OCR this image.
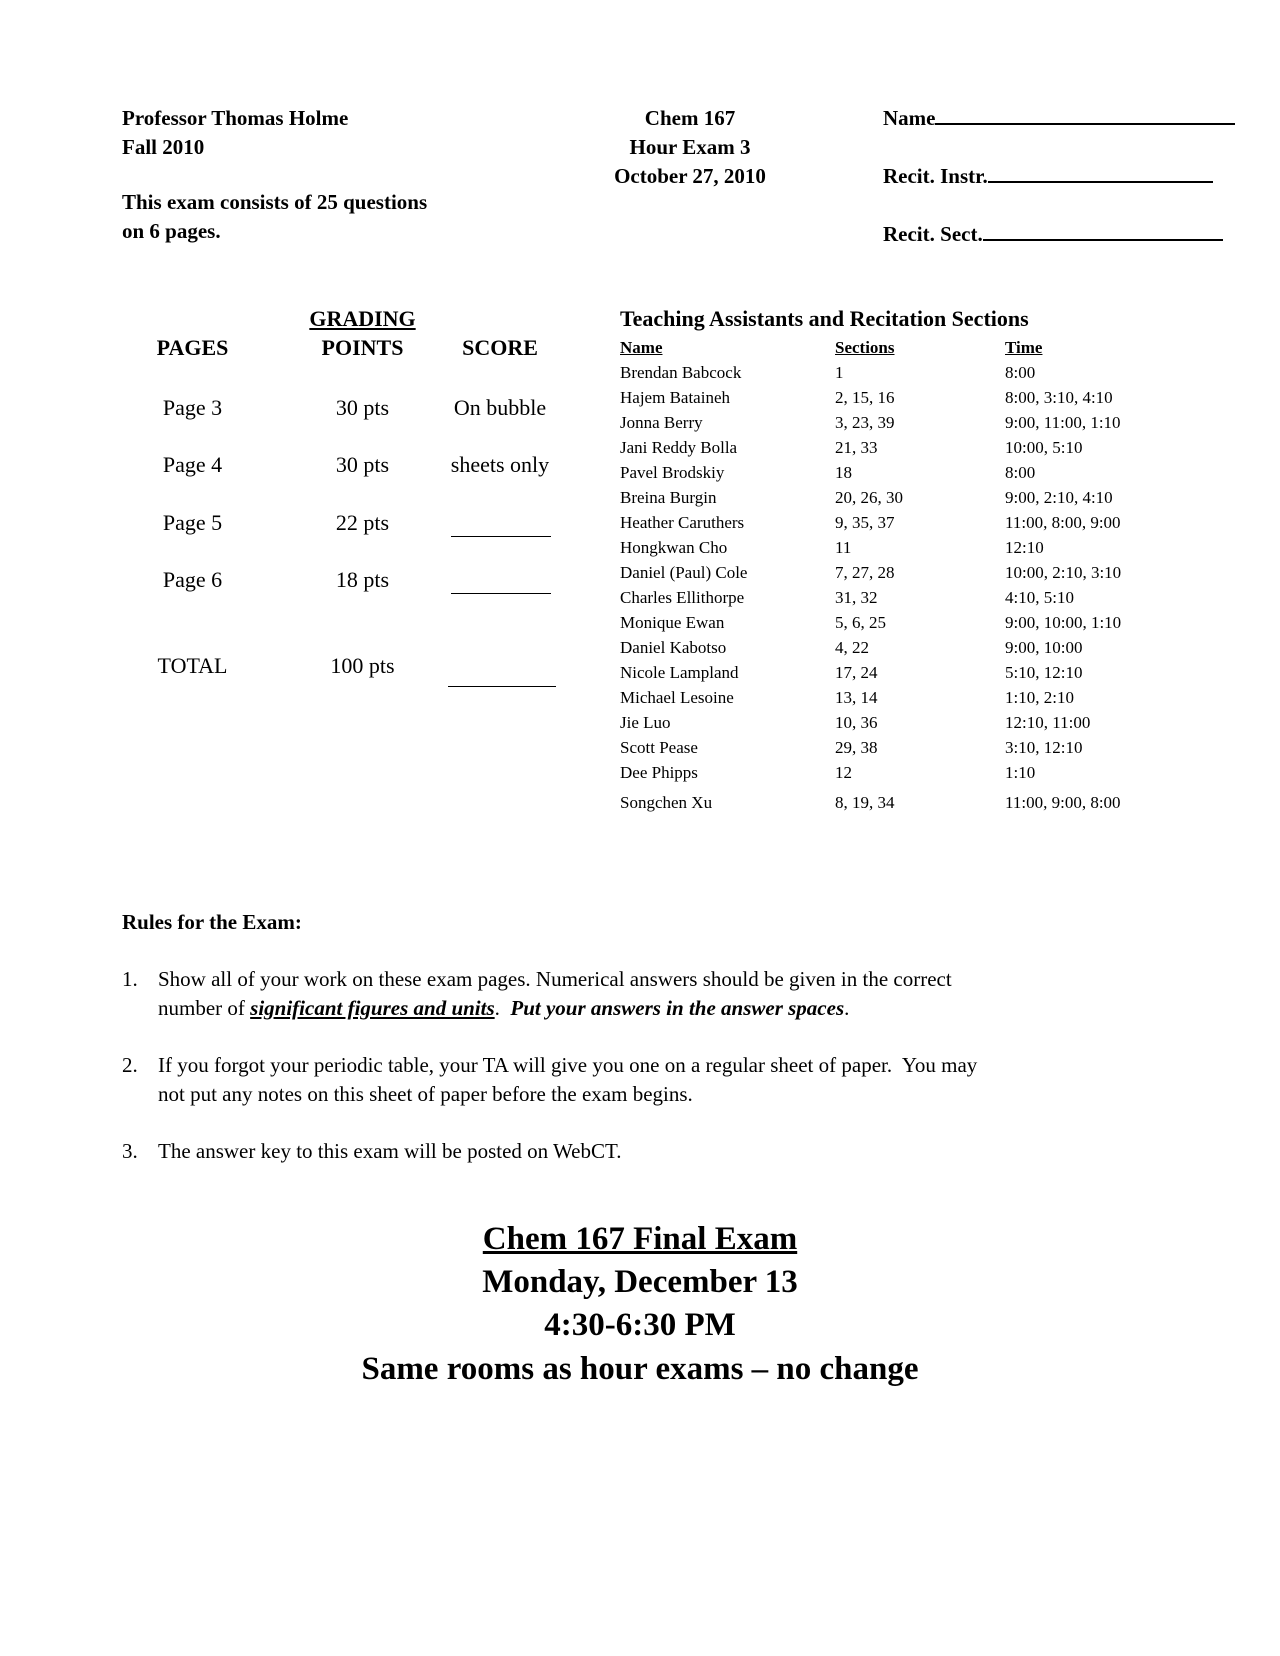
Professor Thomas Holme
Fall 2010
This exam consists of 25 questions
on 6 pages.
Chem 167
Hour Exam 3
October 27, 2010
Name
Recit. Instr.
Recit. Sect.
GRADING
PAGES	POINTS	SCORE
Page 3	30 pts	On bubble
Page 4	30 pts	sheets only
Page 5	22 pts
Page 6	18 pts
TOTAL	100 pts
Teaching Assistants and Recitation Sections
Name	Sections	Time
Brendan Babcock	1	8:00
Hajem Bataineh	2, 15, 16	8:00, 3:10, 4:10
Jonna Berry	3, 23, 39	9:00, 11:00, 1:10
Jani Reddy Bolla	21, 33	10:00, 5:10
Pavel Brodskiy	18	8:00
Breina Burgin	20, 26, 30	9:00, 2:10, 4:10
Heather Caruthers	9, 35, 37	11:00, 8:00, 9:00
Hongkwan Cho	11	12:10
Daniel (Paul) Cole	7, 27, 28	10:00, 2:10, 3:10
Charles Ellithorpe	31, 32	4:10, 5:10
Monique Ewan	5, 6, 25	9:00, 10:00, 1:10
Daniel Kabotso	4, 22	9:00, 10:00
Nicole Lampland	17, 24	5:10, 12:10
Michael Lesoine	13, 14	1:10, 2:10
Jie Luo	10, 36	12:10, 11:00
Scott Pease	29, 38	3:10, 12:10
Dee Phipps	12	1:10
Songchen Xu	8, 19, 34	11:00, 9:00, 8:00
Rules for the Exam:
1. Show all of your work on these exam pages. Numerical answers should be given in the correct
number of significant figures and units.  Put your answers in the answer spaces.
2. If you forgot your periodic table, your TA will give you one on a regular sheet of paper.  You may
not put any notes on this sheet of paper before the exam begins.
3. The answer key to this exam will be posted on WebCT.
Chem 167 Final Exam
Monday, December 13
4:30-6:30 PM
Same rooms as hour exams – no change
